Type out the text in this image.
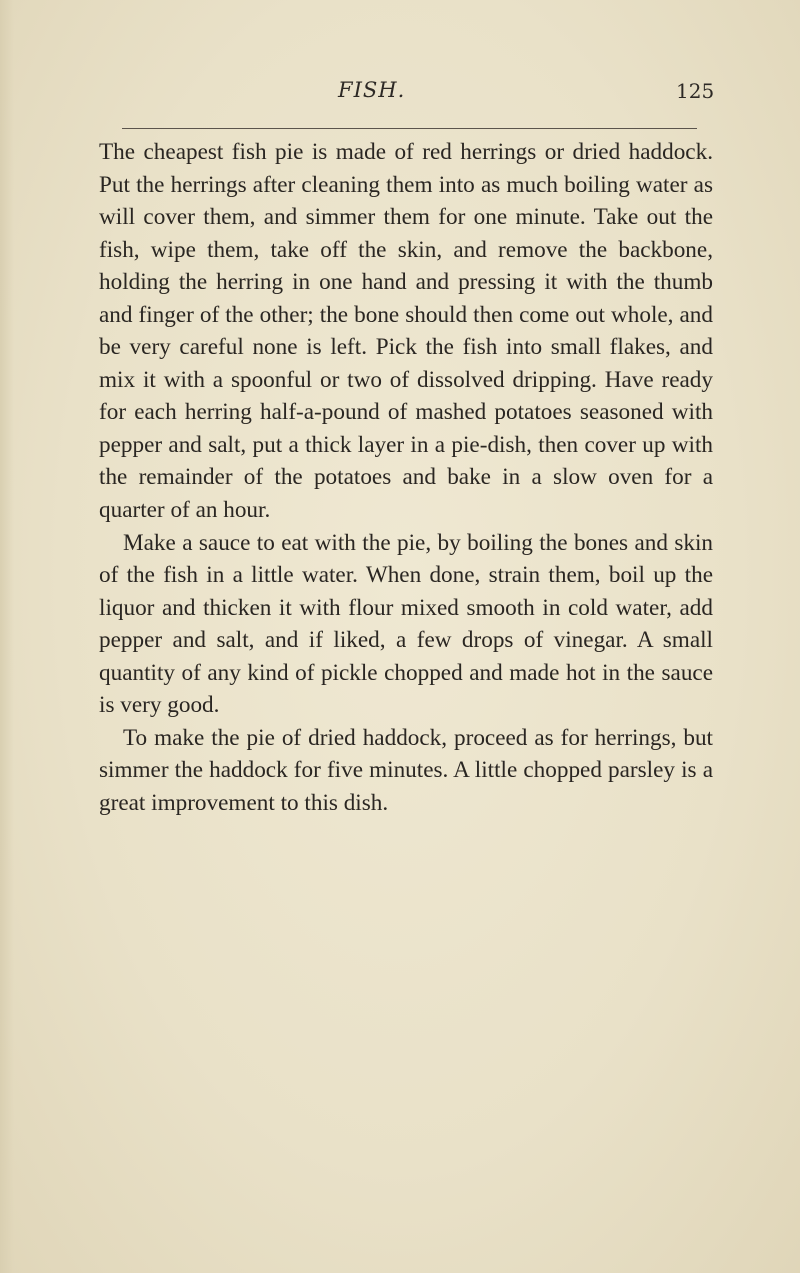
FISH.	125

The cheapest fish pie is made of red herrings or dried haddock. Put the herrings after cleaning them into as much boiling water as will cover them, and simmer them for one minute. Take out the fish, wipe them, take off the skin, and remove the backbone, holding the herring in one hand and pressing it with the thumb and finger of the other; the bone should then come out whole, and be very careful none is left. Pick the fish into small flakes, and mix it with a spoonful or two of dissolved dripping. Have ready for each herring half-a-pound of mashed potatoes seasoned with pepper and salt, put a thick layer in a pie-dish, then cover up with the remainder of the potatoes and bake in a slow oven for a quarter of an hour.

Make a sauce to eat with the pie, by boiling the bones and skin of the fish in a little water. When done, strain them, boil up the liquor and thicken it with flour mixed smooth in cold water, add pepper and salt, and if liked, a few drops of vinegar. A small quantity of any kind of pickle chopped and made hot in the sauce is very good.

To make the pie of dried haddock, proceed as for herrings, but simmer the haddock for five minutes. A little chopped parsley is a great improvement to this dish.
